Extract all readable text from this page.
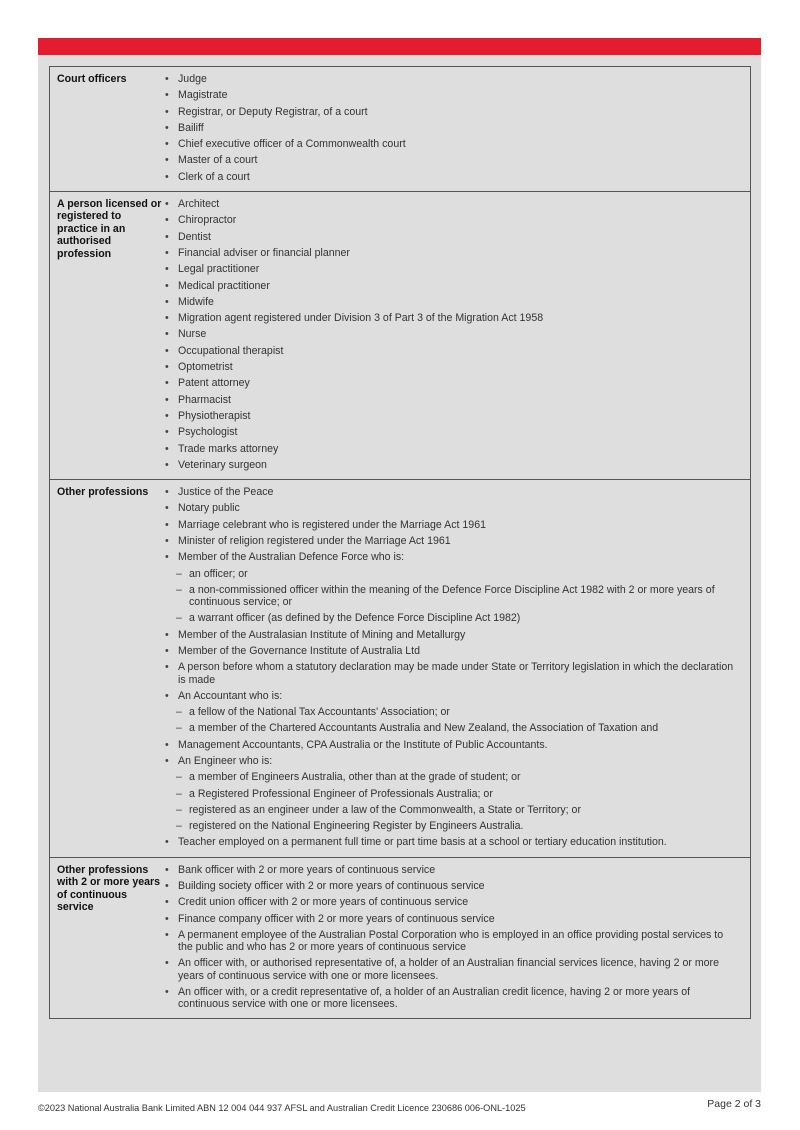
Court officers	• Judge
• Magistrate
• Registrar, or Deputy Registrar, of a court
• Bailiff
• Chief executive officer of a Commonwealth court
• Master of a court
• Clerk of a court
A person licensed or registered to practice in an authorised profession
• Architect
• Chiropractor
• Dentist
• Financial adviser or financial planner
• Legal practitioner
• Medical practitioner
• Midwife
• Migration agent registered under Division 3 of Part 3 of the Migration Act 1958
• Nurse
• Occupational therapist
• Optometrist
• Patent attorney
• Pharmacist
• Physiotherapist
• Psychologist
• Trade marks attorney
• Veterinary surgeon
Other professions	• Justice of the Peace
• Notary public
• Marriage celebrant who is registered under the Marriage Act 1961
• Minister of religion registered under the Marriage Act 1961
• Member of the Australian Defence Force who is:
– an officer; or
– a non-commissioned officer within the meaning of the Defence Force Discipline Act 1982 with 2 or more years of continuous service; or
– a warrant officer (as defined by the Defence Force Discipline Act 1982)
• Member of the Australasian Institute of Mining and Metallurgy
• Member of the Governance Institute of Australia Ltd
• A person before whom a statutory declaration may be made under State or Territory legislation in which the declaration is made
• An Accountant who is:
– a fellow of the National Tax Accountants' Association; or
– a member of the Chartered Accountants Australia and New Zealand, the Association of Taxation and
• Management Accountants, CPA Australia or the Institute of Public Accountants.
• An Engineer who is:
– a member of Engineers Australia, other than at the grade of student; or
– a Registered Professional Engineer of Professionals Australia; or
– registered as an engineer under a law of the Commonwealth, a State or Territory; or
– registered on the National Engineering Register by Engineers Australia.
• Teacher employed on a permanent full time or part time basis at a school or tertiary education institution.
Other professions with 2 or more years of continuous service
• Bank officer with 2 or more years of continuous service
• Building society officer with 2 or more years of continuous service
• Credit union officer with 2 or more years of continuous service
• Finance company officer with 2 or more years of continuous service
• A permanent employee of the Australian Postal Corporation who is employed in an office providing postal services to the public and who has 2 or more years of continuous service
• An officer with, or authorised representative of, a holder of an Australian financial services licence, having 2 or more years of continuous service with one or more licensees.
• An officer with, or a credit representative of, a holder of an Australian credit licence, having 2 or more years of continuous service with one or more licensees.
©2023 National Australia Bank Limited ABN 12 004 044 937 AFSL and Australian Credit Licence 230686 006-ONL-1025	Page 2 of 3
